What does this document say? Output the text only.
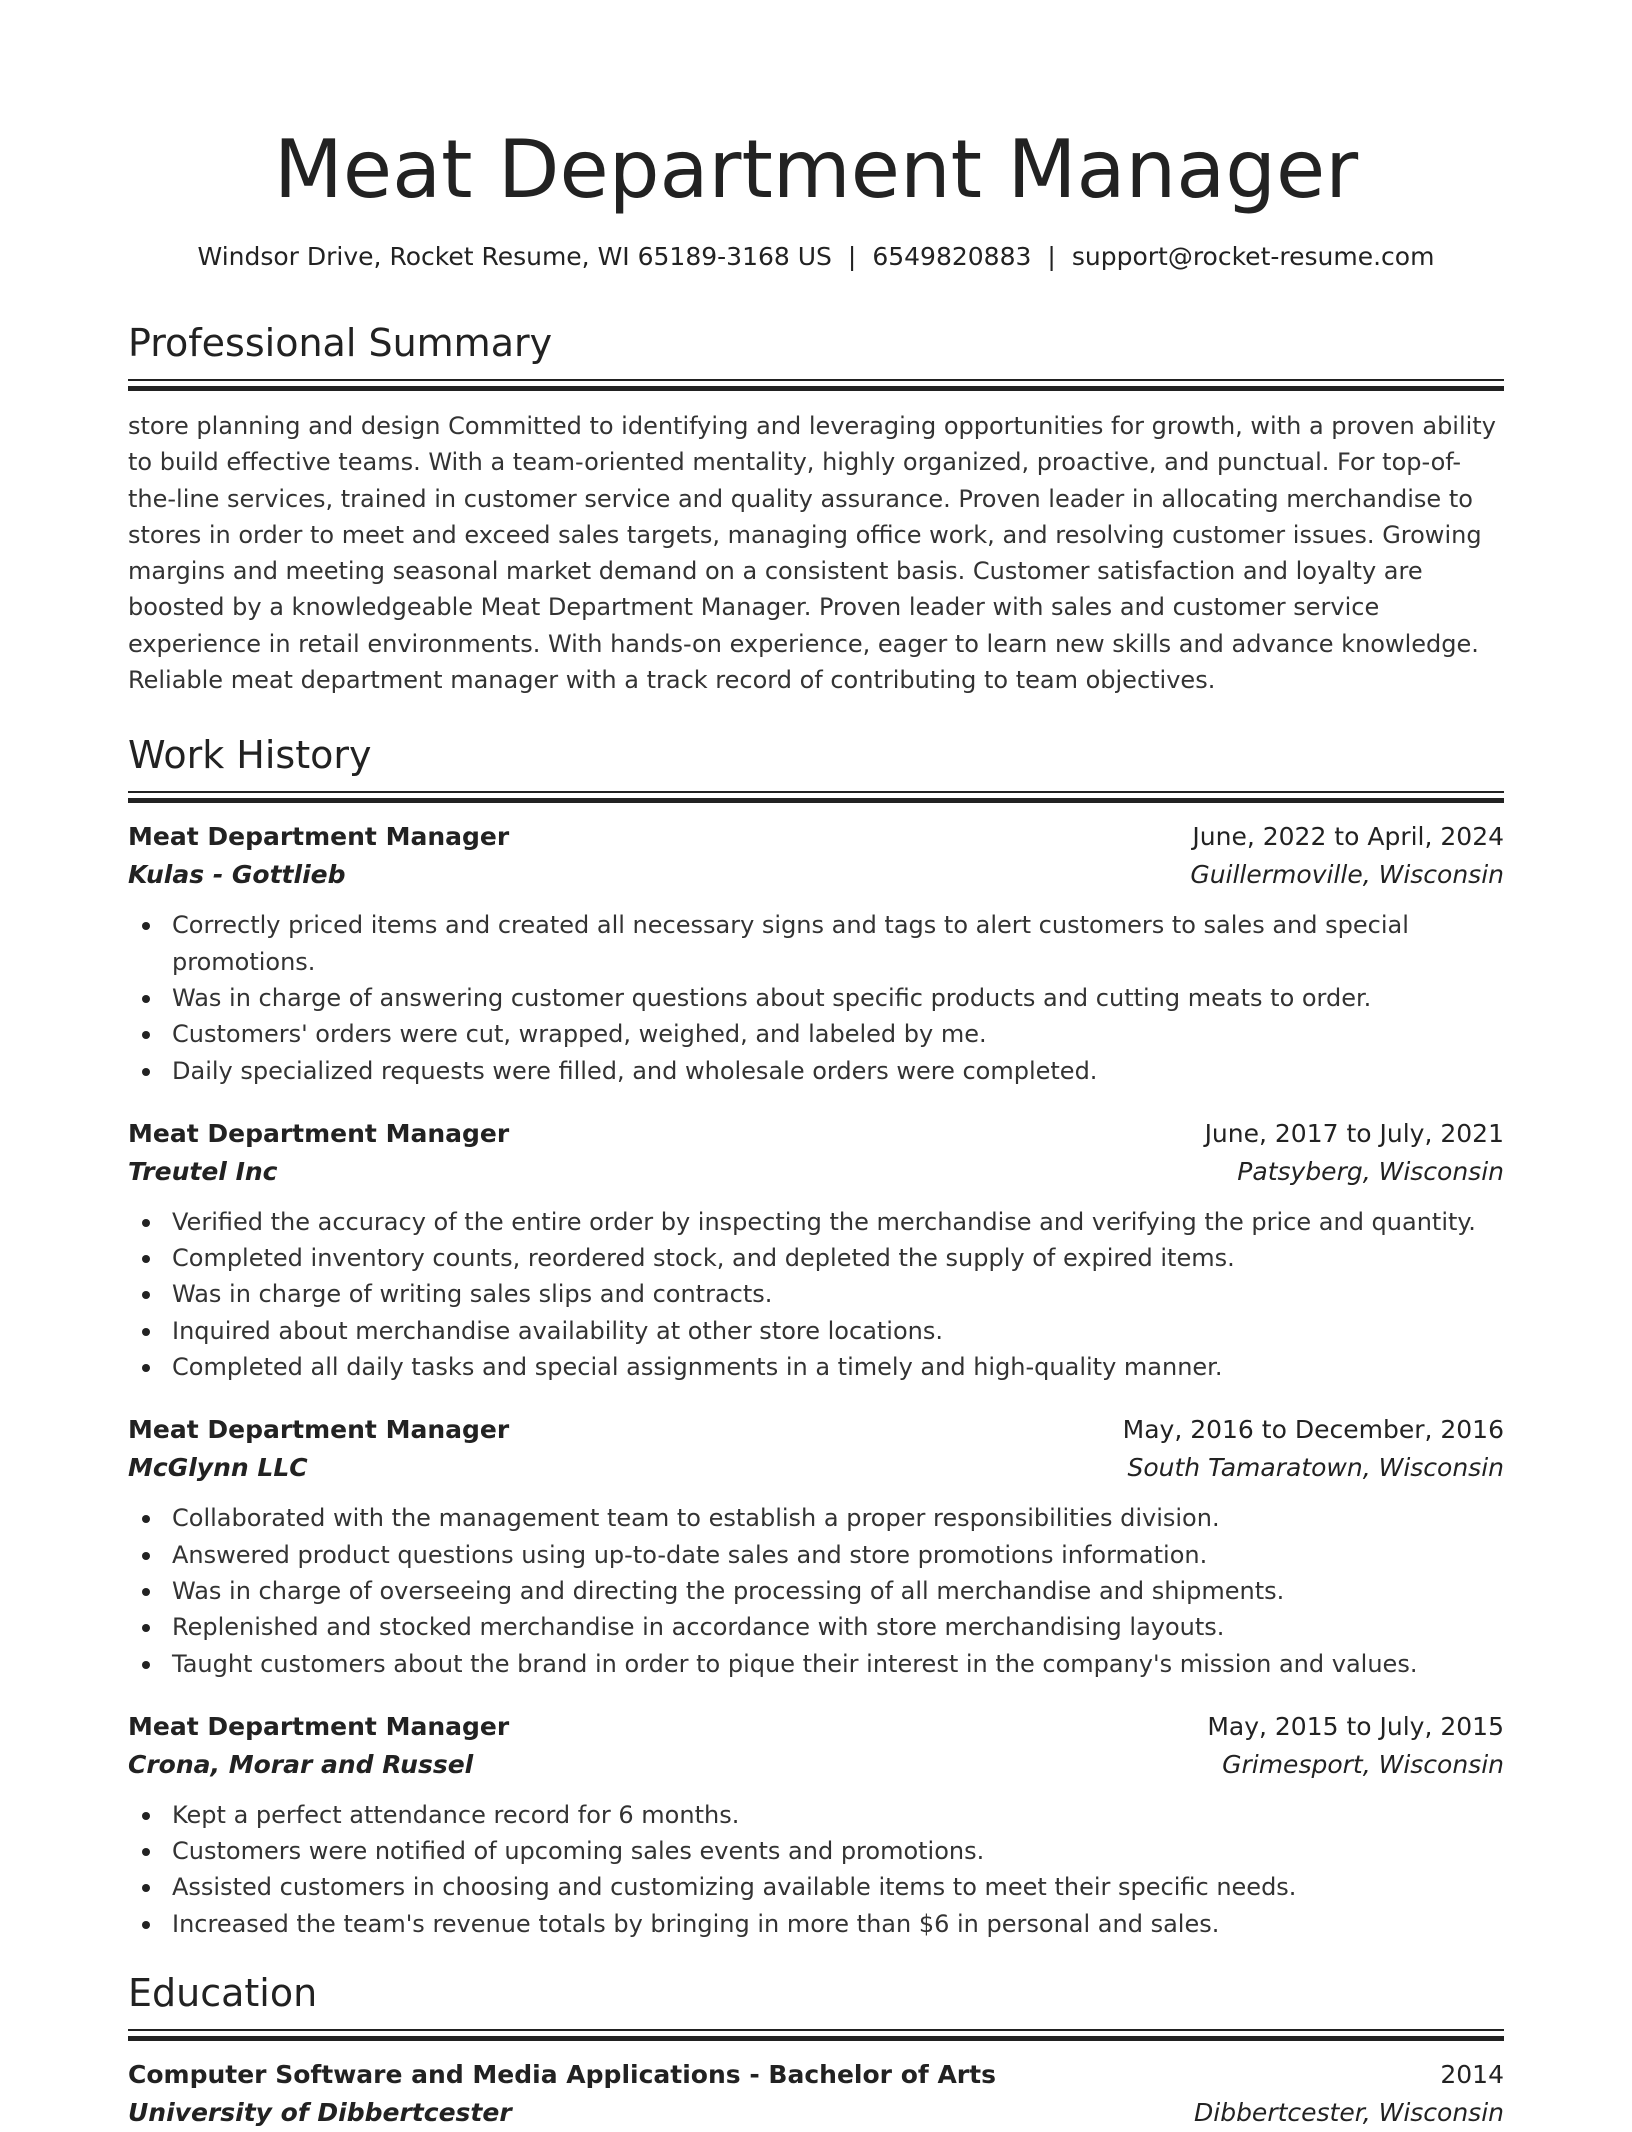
Meat Department Manager
Windsor Drive, Rocket Resume, WI 65189-3168 US | 6549820883 | support@rocket-resume.com
Professional Summary
store planning and design Committed to identifying and leveraging opportunities for growth, with a proven ability to build effective teams. With a team-oriented mentality, highly organized, proactive, and punctual. For top-of-the-line services, trained in customer service and quality assurance. Proven leader in allocating merchandise to stores in order to meet and exceed sales targets, managing office work, and resolving customer issues. Growing margins and meeting seasonal market demand on a consistent basis. Customer satisfaction and loyalty are boosted by a knowledgeable Meat Department Manager. Proven leader with sales and customer service experience in retail environments. With hands-on experience, eager to learn new skills and advance knowledge. Reliable meat department manager with a track record of contributing to team objectives.
Work History
Meat Department Manager	June, 2022 to April, 2024
Kulas - Gottlieb	Guillermoville, Wisconsin
Correctly priced items and created all necessary signs and tags to alert customers to sales and special promotions.
Was in charge of answering customer questions about specific products and cutting meats to order.
Customers' orders were cut, wrapped, weighed, and labeled by me.
Daily specialized requests were filled, and wholesale orders were completed.
Meat Department Manager	June, 2017 to July, 2021
Treutel Inc	Patsyberg, Wisconsin
Verified the accuracy of the entire order by inspecting the merchandise and verifying the price and quantity.
Completed inventory counts, reordered stock, and depleted the supply of expired items.
Was in charge of writing sales slips and contracts.
Inquired about merchandise availability at other store locations.
Completed all daily tasks and special assignments in a timely and high-quality manner.
Meat Department Manager	May, 2016 to December, 2016
McGlynn LLC	South Tamaratown, Wisconsin
Collaborated with the management team to establish a proper responsibilities division.
Answered product questions using up-to-date sales and store promotions information.
Was in charge of overseeing and directing the processing of all merchandise and shipments.
Replenished and stocked merchandise in accordance with store merchandising layouts.
Taught customers about the brand in order to pique their interest in the company's mission and values.
Meat Department Manager	May, 2015 to July, 2015
Crona, Morar and Russel	Grimesport, Wisconsin
Kept a perfect attendance record for 6 months.
Customers were notified of upcoming sales events and promotions.
Assisted customers in choosing and customizing available items to meet their specific needs.
Increased the team's revenue totals by bringing in more than $6 in personal and sales.
Education
Computer Software and Media Applications - Bachelor of Arts	2014
University of Dibbertcester	Dibbertcester, Wisconsin
